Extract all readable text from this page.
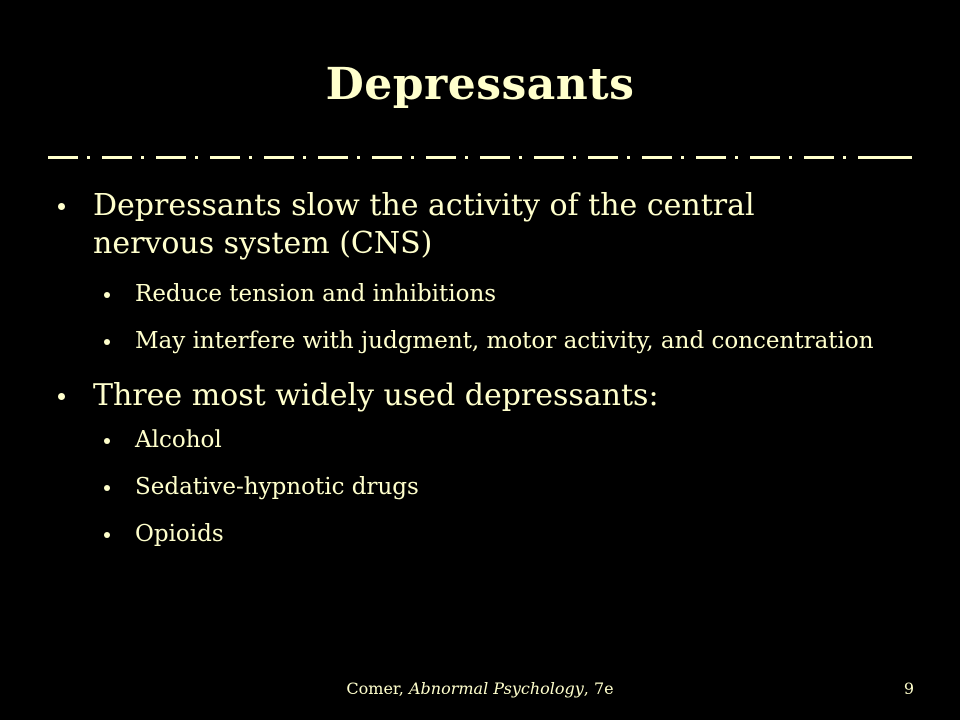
Depressants
Depressants slow the activity of the central nervous system (CNS)
Reduce tension and inhibitions
May interfere with judgment, motor activity, and concentration
Three most widely used depressants:
Alcohol
Sedative-hypnotic drugs
Opioids
Comer, Abnormal Psychology, 7e	9
